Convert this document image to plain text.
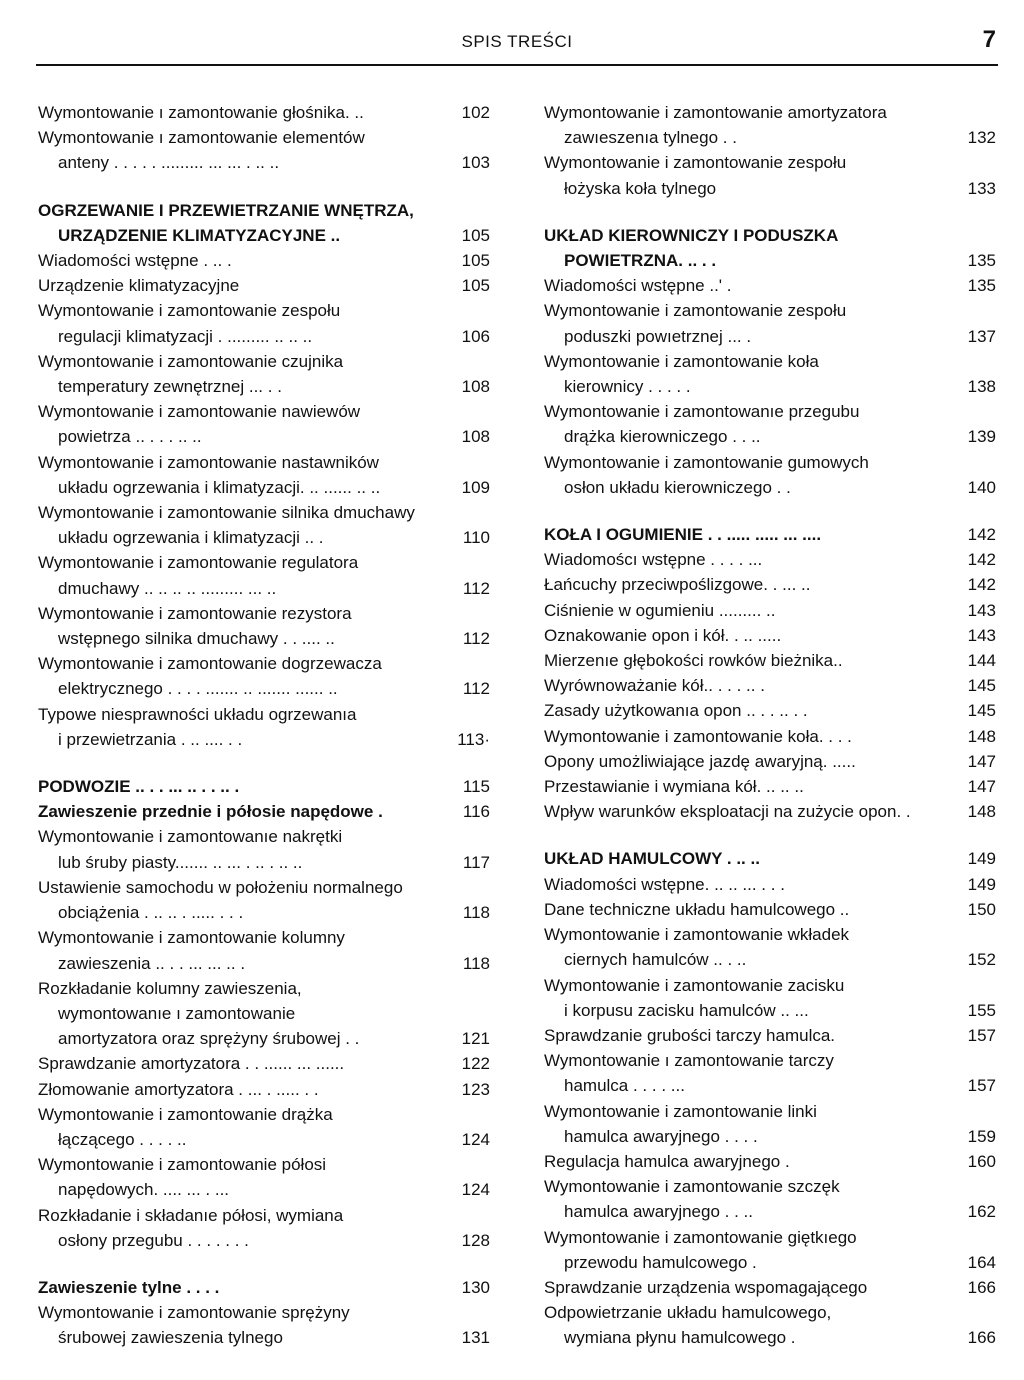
SPIS TREŚCI	7
Wymontowanie ı zamontowanie głośnika. ..	102
Wymontowanie ı zamontowanie elementów
anteny . . . . . ......... ... ... . .. ..	103
OGRZEWANIE I PRZEWIETRZANIE WNĘTRZA,
URZĄDZENIE KLIMATYZACYJNE ..	105
Wiadomości wstępne . .. .	105
Urządzenie klimatyzacyjne	105
Wymontowanie i zamontowanie zespołu
regulacji klimatyzacji . ......... .. .. ..	106
Wymontowanie i zamontowanie czujnika
temperatury zewnętrznej ... . .	108
Wymontowanie i zamontowanie nawiewów
powietrza .. . . . .. ..	108
Wymontowanie i zamontowanie nastawników
układu ogrzewania i klimatyzacji. .. ...... .. ..	109
Wymontowanie i zamontowanie silnika dmuchawy
układu ogrzewania i klimatyzacji .. .	110
Wymontowanie i zamontowanie regulatora
dmuchawy .. .. .. .. ......... ... ..	112
Wymontowanie i zamontowanie rezystora
wstępnego silnika dmuchawy . . .... ..	112
Wymontowanie i zamontowanie dogrzewacza
elektrycznego . . . . ....... .. ....... ...... ..	112
Typowe niesprawności układu ogrzewanıa
i przewietrzania . .. .... . .	113·
PODWOZIE .. . . ... .. . . .. .	115
Zawieszenie przednie i półosie napędowe .	116
Wymontowanie i zamontowanıe nakrętki
lub śruby piasty....... .. ... . .. . .. ..	117
Ustawienie samochodu w położeniu normalnego
obciążenia . .. .. . ..... . . .	118
Wymontowanie i zamontowanie kolumny
zawieszenia .. . . ... ... .. .	118
Rozkładanie kolumny zawieszenia,
wymontowanıe ı zamontowanie
amortyzatora oraz sprężyny śrubowej . .	121
Sprawdzanie amortyzatora . . ...... ... ......	122
Złomowanie amortyzatora . ... . ..... . .	123
Wymontowanie i zamontowanie drążka
łączącego . . . . ..	124
Wymontowanie i zamontowanie półosi
napędowych. .... ... . ...	124
Rozkładanie i składanıe półosi, wymiana
osłony przegubu . . . . . . .	128
Zawieszenie tylne . . . .	130
Wymontowanie i zamontowanie sprężyny
śrubowej zawieszenia tylnego	131
Wymontowanie i zamontowanie amortyzatora
zawıeszenıa tylnego . .	132
Wymontowanie i zamontowanie zespołu
łożyska koła tylnego	133
UKŁAD KIEROWNICZY I PODUSZKA
POWIETRZNA. .. . .	135
Wiadomości wstępne ..' .	135
Wymontowanie i zamontowanie zespołu
poduszki powıetrznej ... .	137
Wymontowanie i zamontowanie koła
kierownicy . . . . .	138
Wymontowanie i zamontowanıe przegubu
drążka kierowniczego . . ..	139
Wymontowanie i zamontowanie gumowych
osłon układu kierowniczego . .	140
KOŁA I OGUMIENIE . . ..... ..... ... ....	142
Wiadomoścı wstępne . . . . ...	142
Łańcuchy przeciwpoślizgowe. . ... ..	142
Ciśnienie w ogumieniu ......... ..	143
Oznakowanie opon i kół. . .. .....	143
Mierzenıe głębokości rowków bieżnika..	144
Wyrównoważanie kół.. . . . .. .	145
Zasady użytkowanıa opon .. . . .. . .	145
Wymontowanie i zamontowanie koła. . . .	148
Opony umożliwiające jazdę awaryjną. .....	147
Przestawianie i wymiana kół. .. .. ..	147
Wpływ warunków eksploatacji na zużycie opon. .	148
UKŁAD HAMULCOWY . .. ..	149
Wiadomości wstępne. .. .. ... . . .	149
Dane techniczne układu hamulcowego ..	150
Wymontowanie i zamontowanie wkładek
ciernych hamulców .. . ..	152
Wymontowanie i zamontowanie zacisku
i korpusu zacisku hamulców .. ...	155
Sprawdzanie grubości tarczy hamulca.	157
Wymontowanie ı zamontowanie tarczy
hamulca . . . . ...	157
Wymontowanie i zamontowanie linki
hamulca awaryjnego . . . .	159
Regulacja hamulca awaryjnego .	160
Wymontowanie i zamontowanie szczęk
hamulca awaryjnego . . ..	162
Wymontowanie i zamontowanie giętkıego
przewodu hamulcowego .	164
Sprawdzanie urządzenia wspomagającego	166
Odpowietrzanie układu hamulcowego,
wymiana płynu hamulcowego .	166
